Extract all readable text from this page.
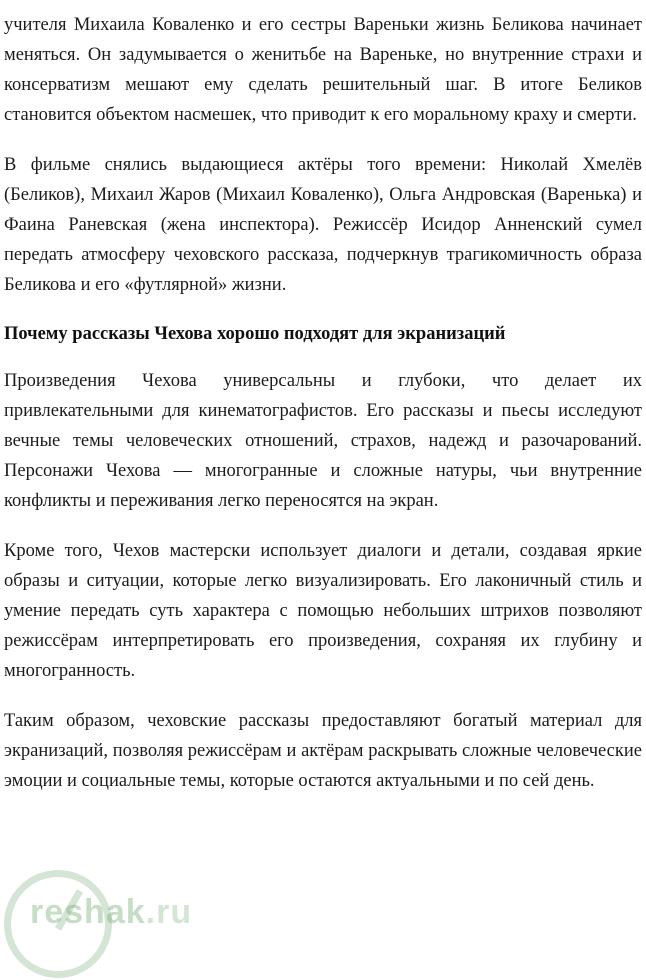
учителя Михаила Коваленко и его сестры Вареньки жизнь Беликова начинает меняться. Он задумывается о женитьбе на Вареньке, но внутренние страхи и консерватизм мешают ему сделать решительный шаг. В итоге Беликов становится объектом насмешек, что приводит к его моральному краху и смерти.

В фильме снялись выдающиеся актёры того времени: Николай Хмелёв (Беликов), Михаил Жаров (Михаил Коваленко), Ольга Андровская (Варенька) и Фаина Раневская (жена инспектора). Режиссёр Исидор Анненский сумел передать атмосферу чеховского рассказа, подчеркнув трагикомичность образа Беликова и его «футлярной» жизни.

Почему рассказы Чехова хорошо подходят для экранизаций

Произведения Чехова универсальны и глубоки, что делает их привлекательными для кинематографистов. Его рассказы и пьесы исследуют вечные темы человеческих отношений, страхов, надежд и разочарований. Персонажи Чехова — многогранные и сложные натуры, чьи внутренние конфликты и переживания легко переносятся на экран.

Кроме того, Чехов мастерски использует диалоги и детали, создавая яркие образы и ситуации, которые легко визуализировать. Его лаконичный стиль и умение передать суть характера с помощью небольших штрихов позволяют режиссёрам интерпретировать его произведения, сохраняя их глубину и многогранность.

Таким образом, чеховские рассказы предоставляют богатый материал для экранизаций, позволяя режиссёрам и актёрам раскрывать сложные человеческие эмоции и социальные темы, которые остаются актуальными и по сей день.

reshak.ru
